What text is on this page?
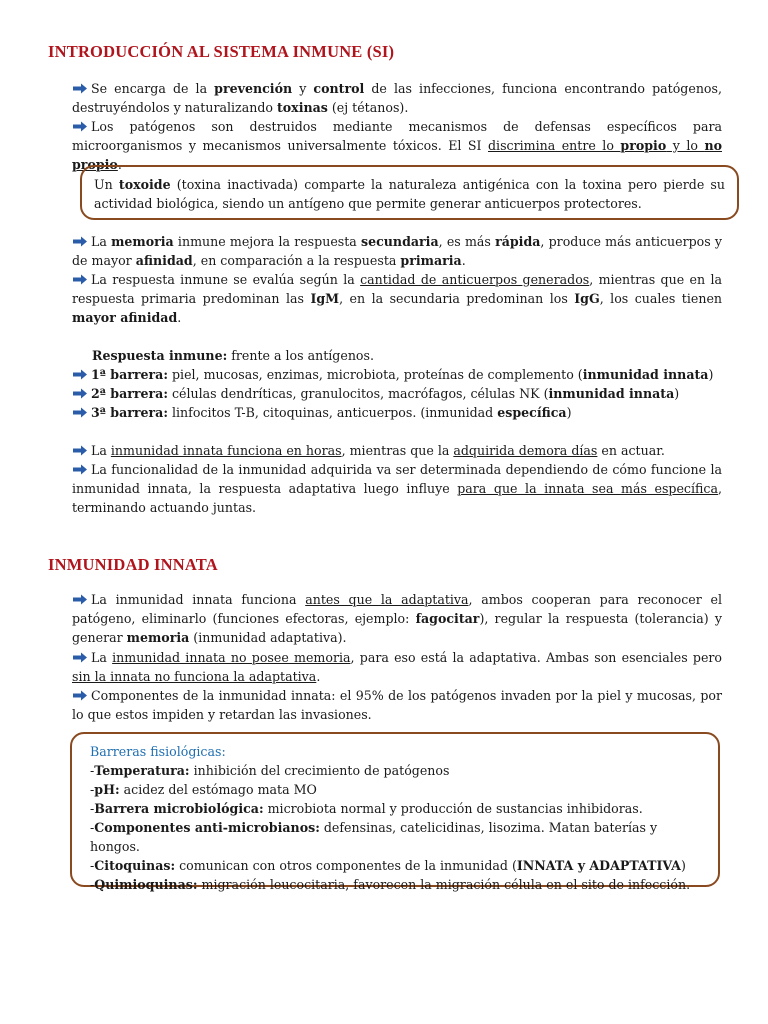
INTRODUCCIÓN AL SISTEMA INMUNE (SI)

Se encarga de la prevención y control de las infecciones, funciona encontrando patógenos, destruyéndolos y naturalizando toxinas (ej tétanos).

Los patógenos son destruidos mediante mecanismos de defensas específicos para microorganismos y mecanismos universalmente tóxicos. El SI discrimina entre lo propio y lo no propio.

Un toxoide (toxina inactivada) comparte la naturaleza antigénica con la toxina pero pierde su actividad biológica, siendo un antígeno que permite generar anticuerpos protectores.

La memoria inmune mejora la respuesta secundaria, es más rápida, produce más anticuerpos y de mayor afinidad, en comparación a la respuesta primaria.

La respuesta inmune se evalúa según la cantidad de anticuerpos generados, mientras que en la respuesta primaria predominan las IgM, en la secundaria predominan los IgG, los cuales tienen mayor afinidad.

Respuesta inmune: frente a los antígenos.

1ª barrera: piel, mucosas, enzimas, microbiota, proteínas de complemento (inmunidad innata)

2ª barrera: células dendríticas, granulocitos, macrófagos, células NK (inmunidad innata)

3ª barrera: linfocitos T-B, citoquinas, anticuerpos. (inmunidad específica)

La inmunidad innata funciona en horas, mientras que la adquirida demora días en actuar.

La funcionalidad de la inmunidad adquirida va ser determinada dependiendo de cómo funcione la inmunidad innata, la respuesta adaptativa luego influye para que la innata sea más específica, terminando actuando juntas.

INMUNIDAD INNATA

La inmunidad innata funciona antes que la adaptativa, ambos cooperan para reconocer el patógeno, eliminarlo (funciones efectoras, ejemplo: fagocitar), regular la respuesta (tolerancia) y generar memoria (inmunidad adaptativa).

La inmunidad innata no posee memoria, para eso está la adaptativa. Ambas son esenciales pero sin la innata no funciona la adaptativa.

Componentes de la inmunidad innata: el 95% de los patógenos invaden por la piel y mucosas, por lo que estos impiden y retardan las invasiones.

Barreras fisiológicas:

-Temperatura: inhibición del crecimiento de patógenos

-pH: acidez del estómago mata MO

-Barrera microbiológica: microbiota normal y producción de sustancias inhibidoras.

-Componentes anti-microbianos: defensinas, catelicidinas, lisozima. Matan baterías y hongos.

-Citoquinas: comunican con otros componentes de la inmunidad (INNATA y ADAPTATIVA)

-Quimioquinas: migración leucocitaria, favorecen la migración célula en el sito de infección.
